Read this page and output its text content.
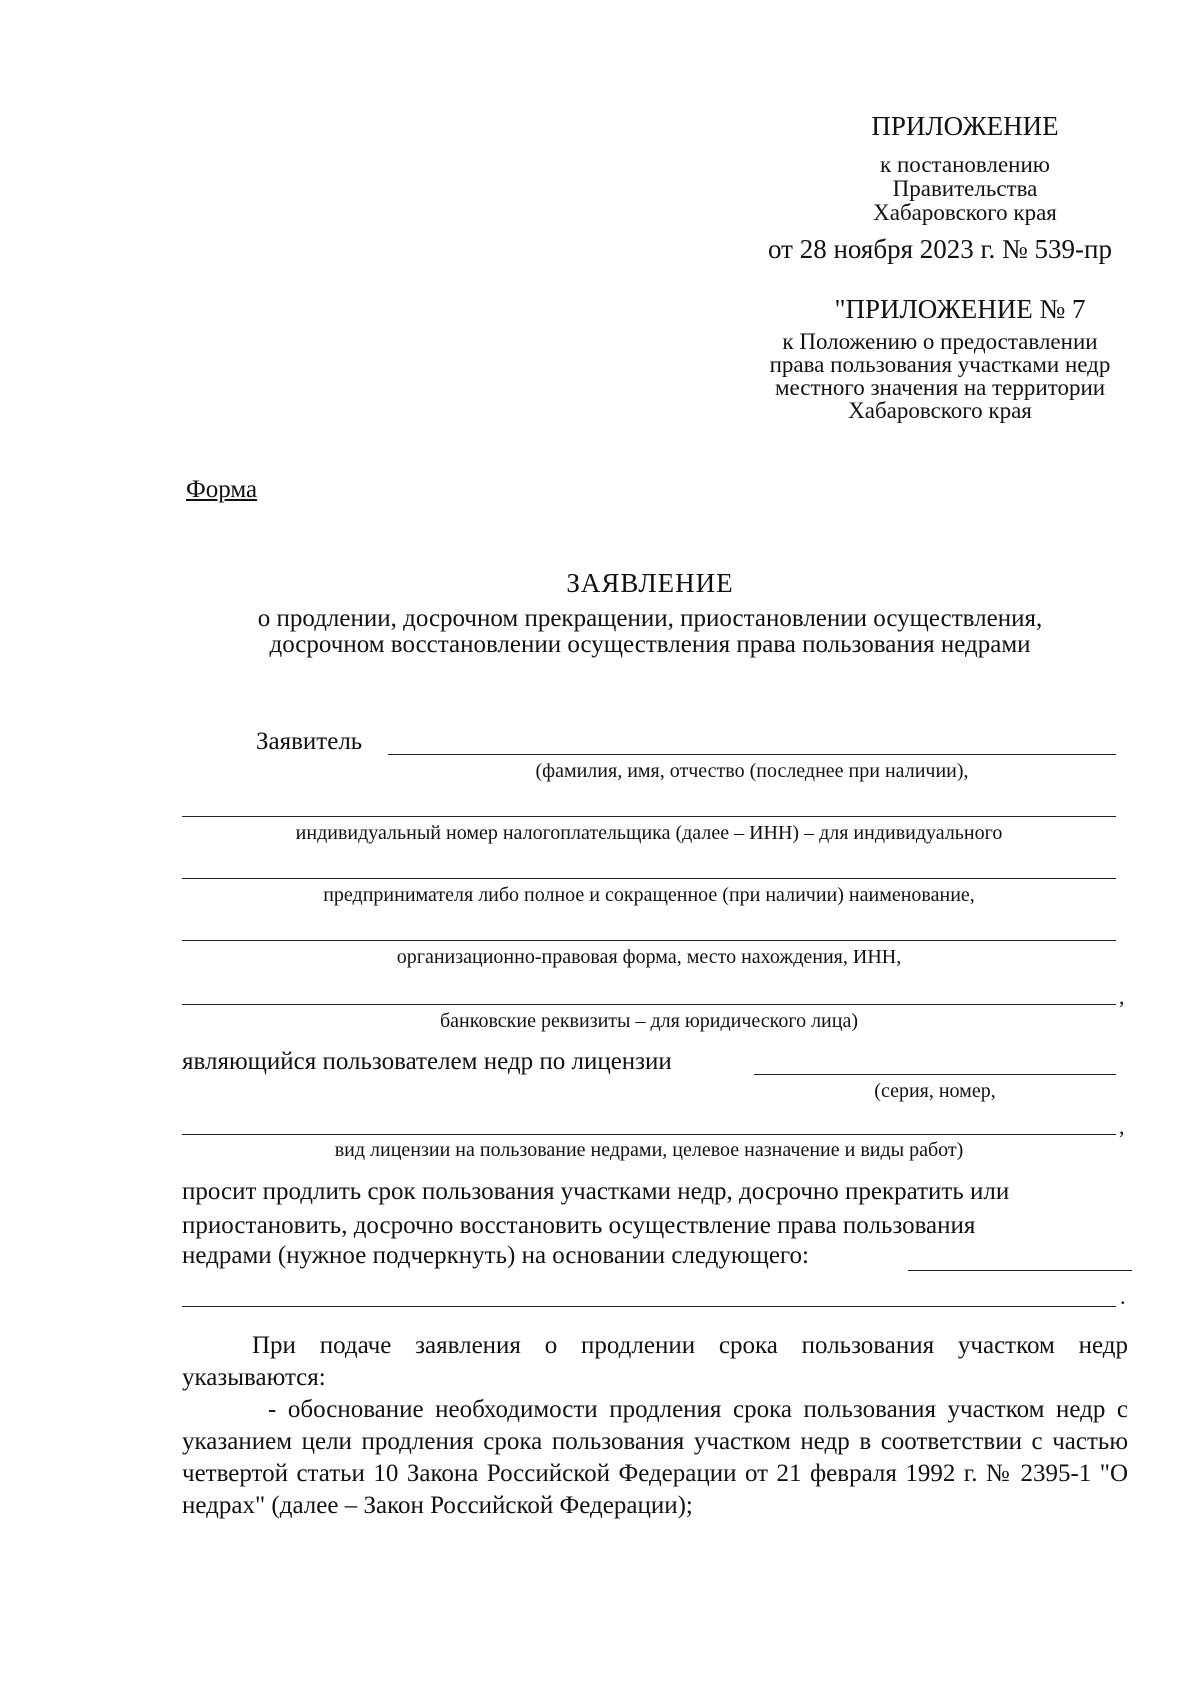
ПРИЛОЖЕНИЕ
к постановлению
Правительства
Хабаровского края
от 28 ноября 2023 г. № 539-пр
"ПРИЛОЖЕНИЕ № 7
к Положению о предоставлении
права пользования участками недр
местного значения на территории
Хабаровского края
Форма
ЗАЯВЛЕНИЕ
о продлении, досрочном прекращении, приостановлении осуществления,
досрочном восстановлении осуществления права пользования недрами
Заявитель
(фамилия, имя, отчество (последнее при наличии),
индивидуальный номер налогоплательщика (далее – ИНН) – для индивидуального
предпринимателя либо полное и сокращенное (при наличии) наименование,
организационно-правовая форма, место нахождения, ИНН,
,
банковские реквизиты – для юридического лица)
являющийся пользователем недр по лицензии
(серия, номер,
,
вид лицензии на пользование недрами, целевое назначение и виды работ)
просит продлить срок пользования участками недр, досрочно прекратить или
приостановить, досрочно восстановить осуществление права пользования
недрами (нужное подчеркнуть) на основании следующего:
.
При подаче заявления о продлении срока пользования участком недр указываются:
- обоснование необходимости продления срока пользования участком недр с указанием цели продления срока пользования участком недр в соответствии с частью четвертой статьи 10 Закона Российской Федерации от 21 февраля 1992 г. № 2395-1 "О недрах" (далее – Закон Российской Федерации);
